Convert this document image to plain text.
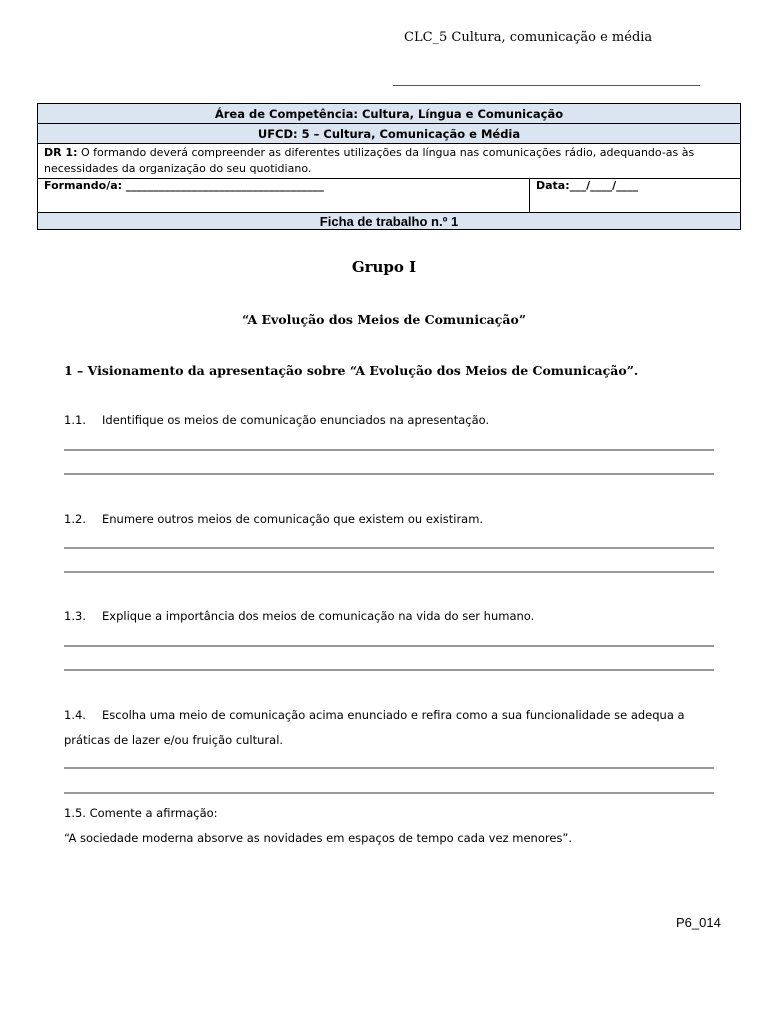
CLC_5 Cultura, comunicação e média
Área de Competência: Cultura, Língua e Comunicação
UFCD: 5 – Cultura, Comunicação e Média
DR 1: O formando deverá compreender as diferentes utilizações da língua nas comunicações rádio, adequando-as às necessidades da organização do seu quotidiano.
Formando/a: ____________________________________	Data:___/____/____
Ficha de trabalho n.º 1
Grupo I
“A Evolução dos Meios de Comunicação”
1 – Visionamento da apresentação sobre “A Evolução dos Meios de Comunicação”.
1.1. Identifique os meios de comunicação enunciados na apresentação.
1.2. Enumere outros meios de comunicação que existem ou existiram.
1.3. Explique a importância dos meios de comunicação na vida do ser humano.
1.4. Escolha uma meio de comunicação acima enunciado e refira como a sua funcionalidade se adequa a
práticas de lazer e/ou fruição cultural.
1.5. Comente a afirmação:
“A sociedade moderna absorve as novidades em espaços de tempo cada vez menores”.
P6_014
